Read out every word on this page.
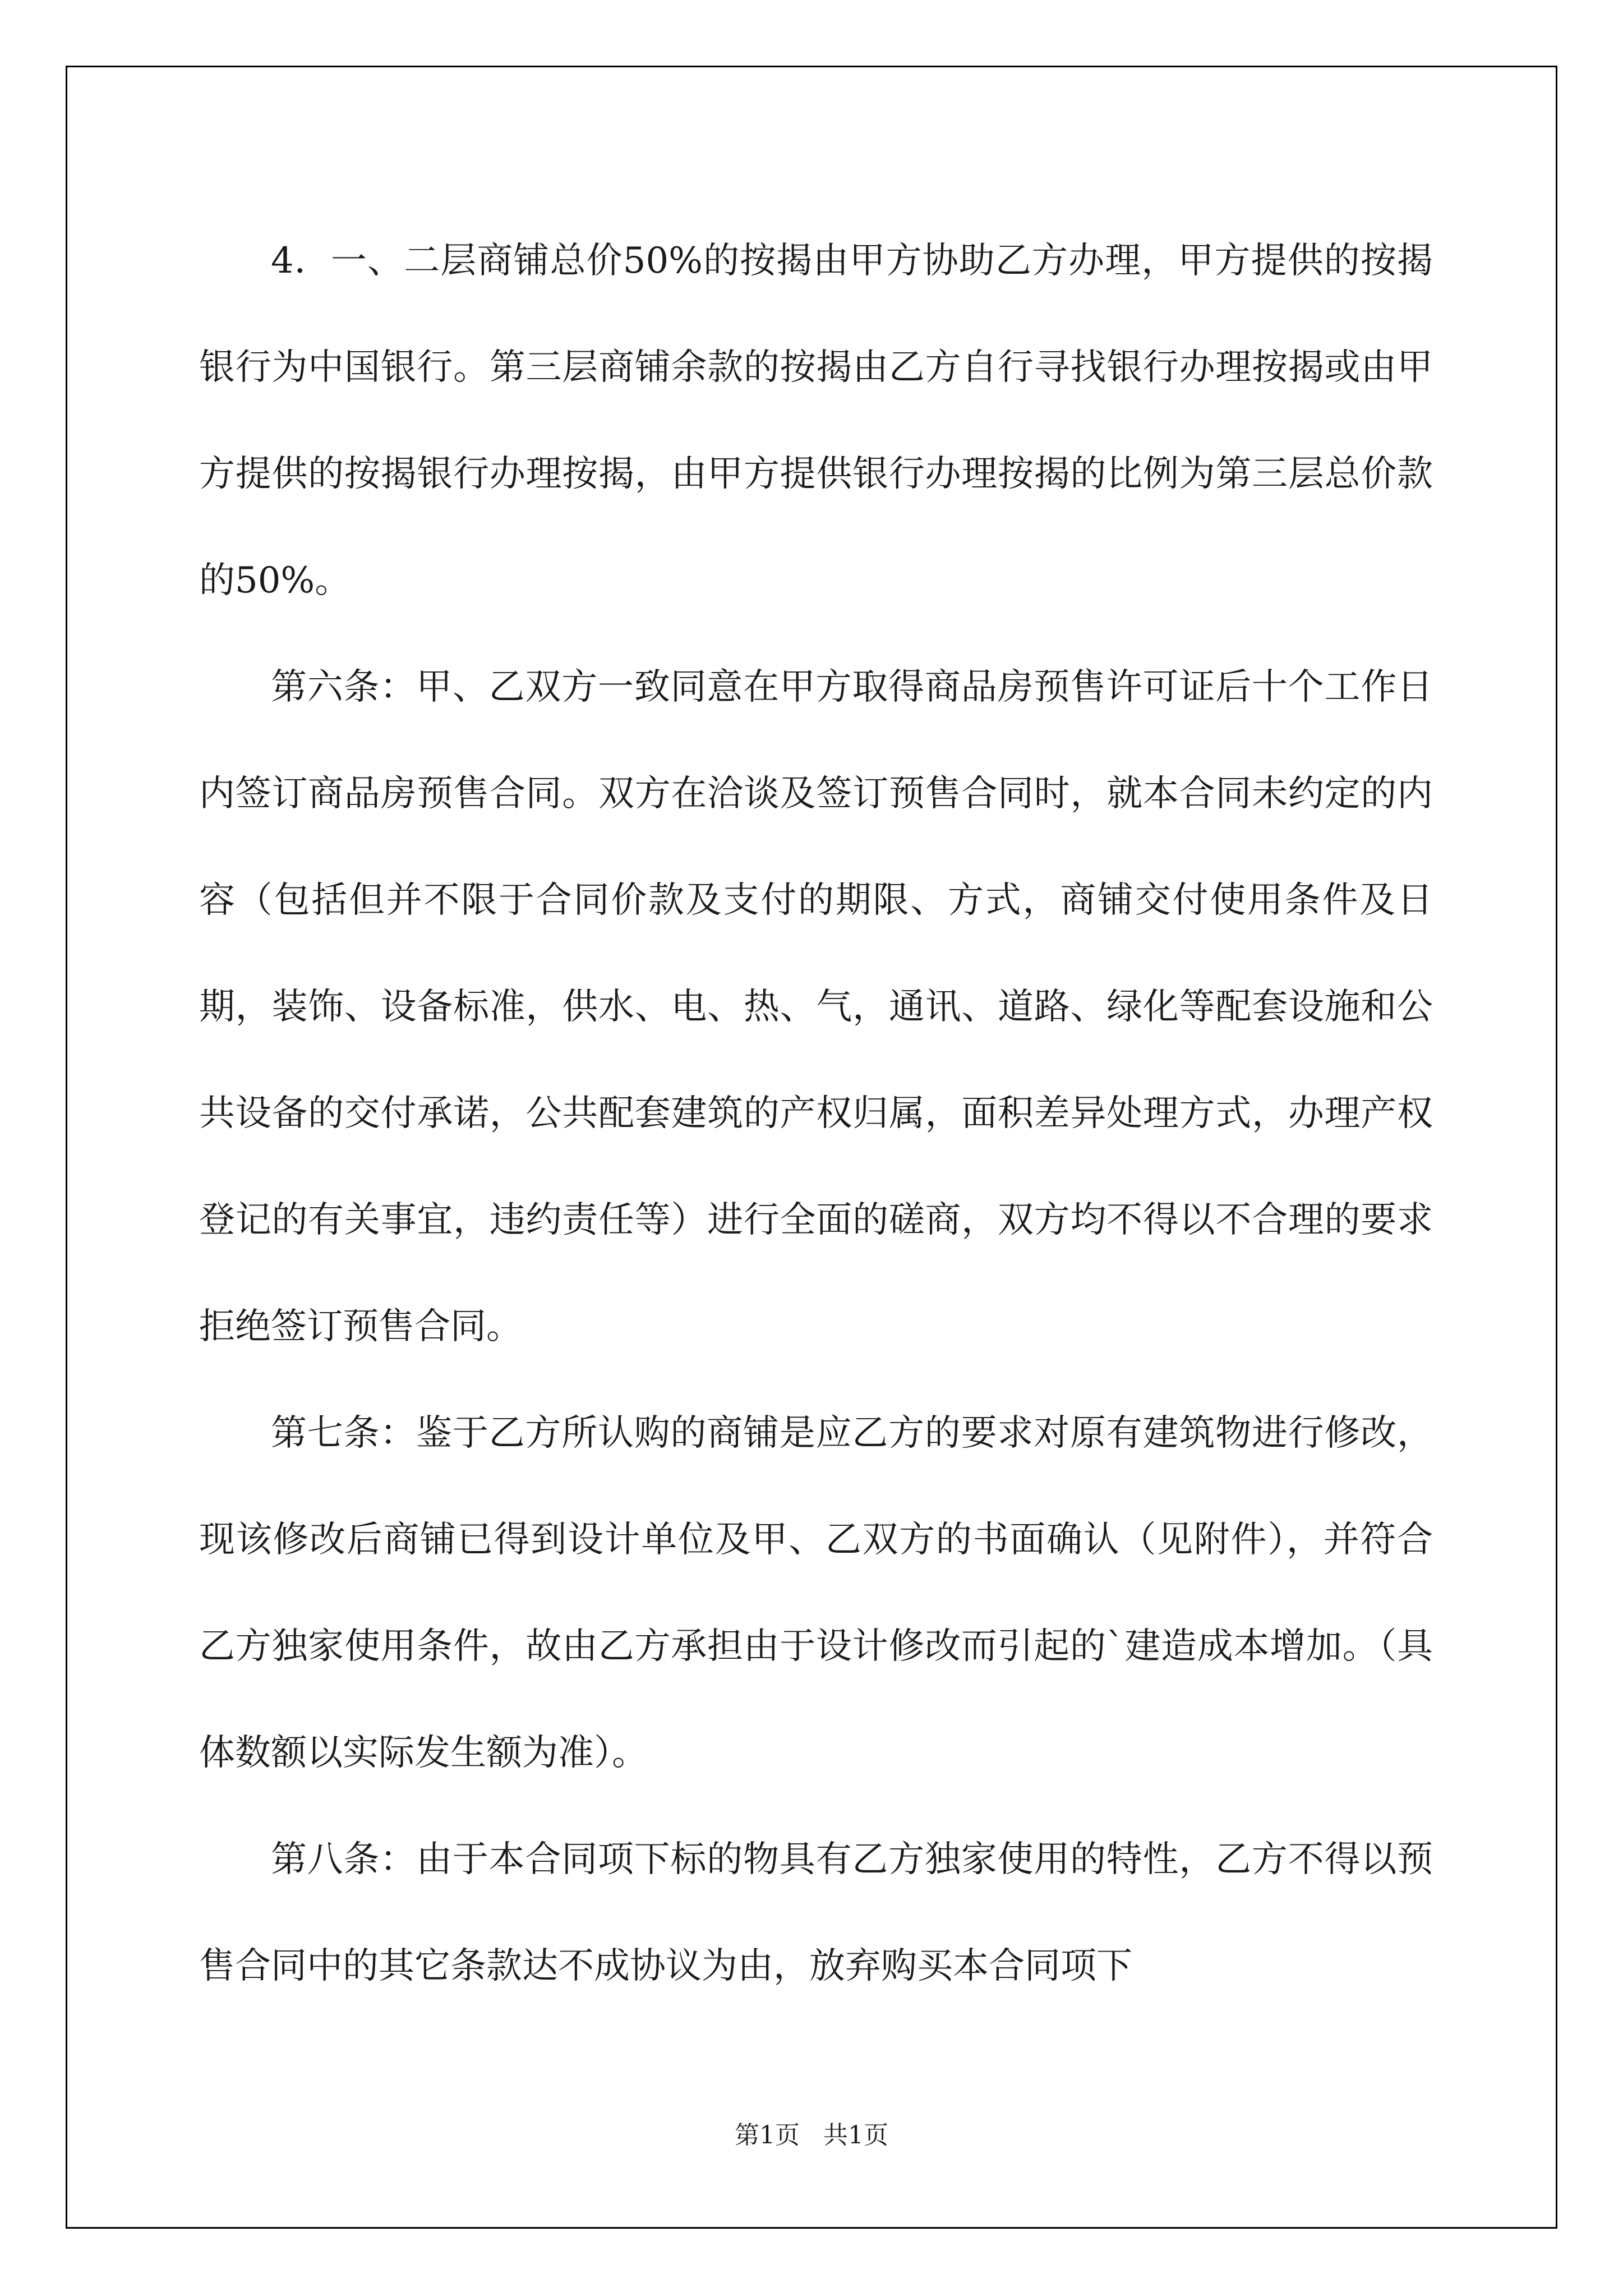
4．一、二层商铺总价50%的按揭由甲方协助乙方办理，甲方提供的按揭银行为中国银行。第三层商铺余款的按揭由乙方自行寻找银行办理按揭或由甲方提供的按揭银行办理按揭，由甲方提供银行办理按揭的比例为第三层总价款的50%。

第六条：甲、乙双方一致同意在甲方取得商品房预售许可证后十个工作日内签订商品房预售合同。双方在洽谈及签订预售合同时，就本合同未约定的内容（包括但并不限于合同价款及支付的期限、方式，商铺交付使用条件及日期，装饰、设备标准，供水、电、热、气，通讯、道路、绿化等配套设施和公共设备的交付承诺，公共配套建筑的产权归属，面积差异处理方式，办理产权登记的有关事宜，违约责任等）进行全面的磋商，双方均不得以不合理的要求拒绝签订预售合同。

第七条：鉴于乙方所认购的商铺是应乙方的要求对原有建筑物进行修改，现该修改后商铺已得到设计单位及甲、乙双方的书面确认（见附件），并符合乙方独家使用条件，故由乙方承担由于设计修改而引起的`建造成本增加。（具体数额以实际发生额为准）。

第八条：由于本合同项下标的物具有乙方独家使用的特性，乙方不得以预售合同中的其它条款达不成协议为由，放弃购买本合同项下

第1页   共1页
